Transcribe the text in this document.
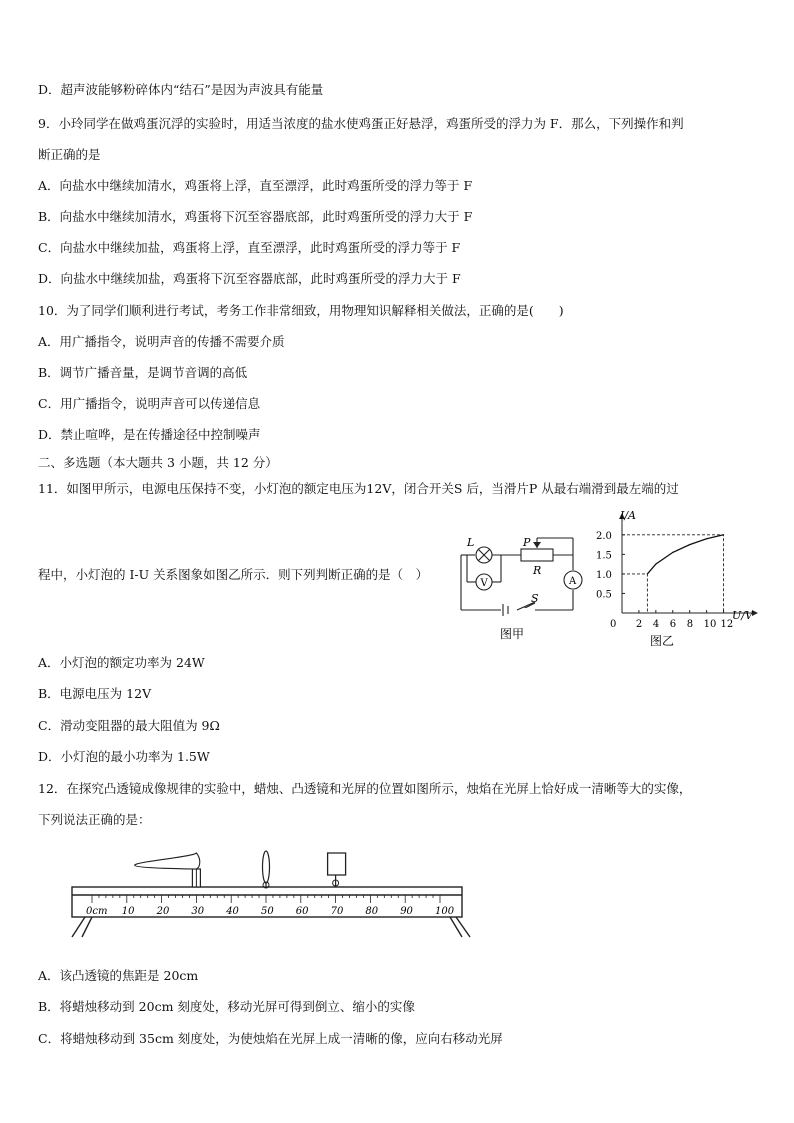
D．超声波能够粉碎体内“结石”是因为声波具有能量
9．小玲同学在做鸡蛋沉浮的实验时，用适当浓度的盐水使鸡蛋正好悬浮，鸡蛋所受的浮力为 F．那么，下列操作和判
断正确的是
A．向盐水中继续加清水，鸡蛋将上浮，直至漂浮，此时鸡蛋所受的浮力等于 F
B．向盐水中继续加清水，鸡蛋将下沉至容器底部，此时鸡蛋所受的浮力大于 F
C．向盐水中继续加盐，鸡蛋将上浮，直至漂浮，此时鸡蛋所受的浮力等于 F
D．向盐水中继续加盐，鸡蛋将下沉至容器底部，此时鸡蛋所受的浮力大于 F
10．为了同学们顺利进行考试，考务工作非常细致，用物理知识解释相关做法，正确的是(　　)
A．用广播指令，说明声音的传播不需要介质
B．调节广播音量，是调节音调的高低
C．用广播指令，说明声音可以传递信息
D．禁止喧哗，是在传播途径中控制噪声
二、多选题（本大题共 3 小题，共 12 分）
11．如图甲所示，电源电压保持不变，小灯泡的额定电压为12V，闭合开关S 后，当滑片P 从最右端滑到最左端的过
程中，小灯泡的 I-U 关系图象如图乙所示．则下列判断正确的是（　）
A．小灯泡的额定功率为 24W
B．电源电压为 12V
C．滑动变阻器的最大阻值为 9Ω
D．小灯泡的最小功率为 1.5W
12．在探究凸透镜成像规律的实验中，蜡烛、凸透镜和光屏的位置如图所示，烛焰在光屏上恰好成一清晰等大的实像，
下列说法正确的是：
A．该凸透镜的焦距是 20cm
B．将蜡烛移动到 20cm 刻度处，移动光屏可得到倒立、缩小的实像
C．将蜡烛移动到 35cm 刻度处，为使烛焰在光屏上成一清晰的像，应向右移动光屏
L	P
R
S
V	A
图甲
0 2 4 6 8 10 12
0.5
1.0
1.5
2.0
I/A
U/V
图乙
0cm 10 20 30 40 50 60 70 80 90 100
